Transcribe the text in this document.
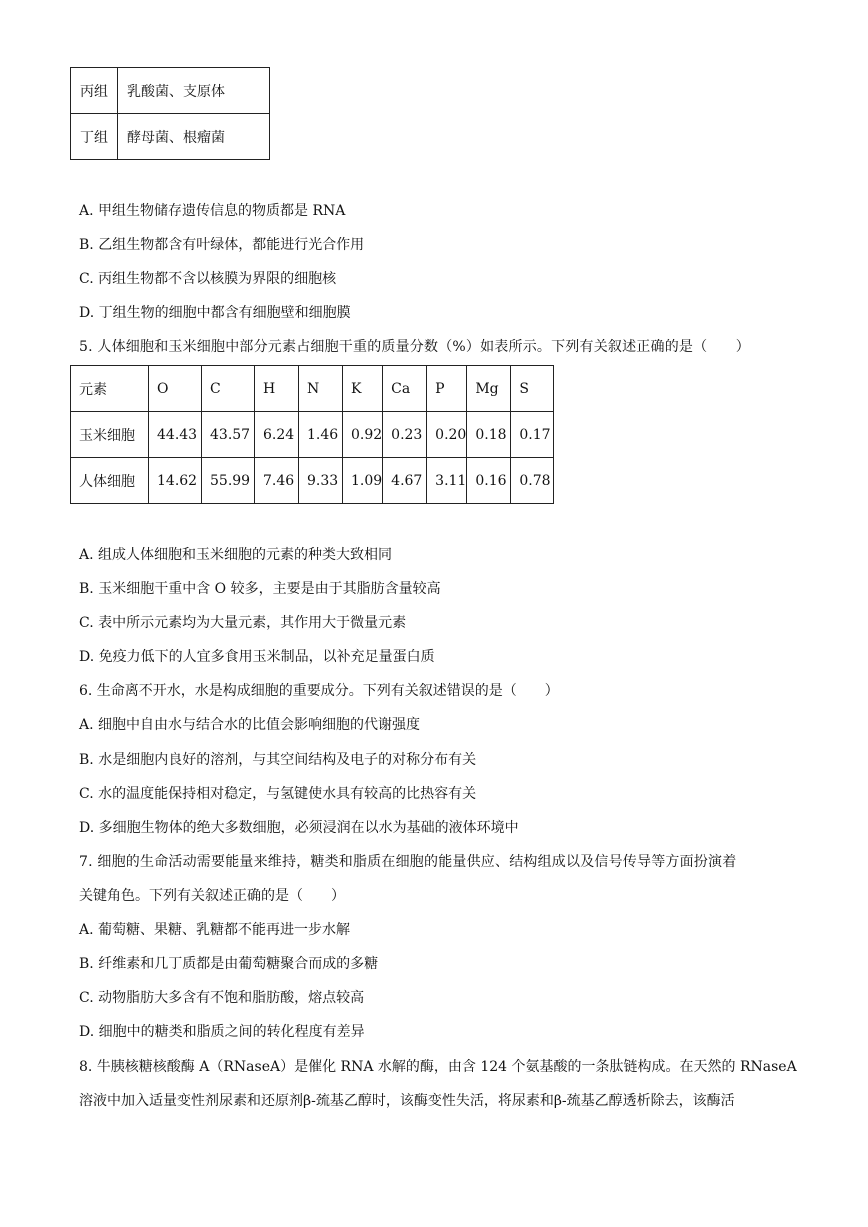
丙组	乳酸菌、支原体
丁组	酵母菌、根瘤菌
A. 甲组生物储存遗传信息的物质都是 RNA
B. 乙组生物都含有叶绿体，都能进行光合作用
C. 丙组生物都不含以核膜为界限的细胞核
D. 丁组生物的细胞中都含有细胞壁和细胞膜
5. 人体细胞和玉米细胞中部分元素占细胞干重的质量分数（%）如表所示。下列有关叙述正确的是（　　）
元素	O	C	H	N	K	Ca	P	Mg	S
玉米细胞	44.43	43.57	6.24	1.46	0.92	0.23	0.20	0.18	0.17
人体细胞	14.62	55.99	7.46	9.33	1.09	4.67	3.11	0.16	0.78
A. 组成人体细胞和玉米细胞的元素的种类大致相同
B. 玉米细胞干重中含 O 较多，主要是由于其脂肪含量较高
C. 表中所示元素均为大量元素，其作用大于微量元素
D. 免疫力低下的人宜多食用玉米制品，以补充足量蛋白质
6. 生命离不开水，水是构成细胞的重要成分。下列有关叙述错误的是（　　）
A. 细胞中自由水与结合水的比值会影响细胞的代谢强度
B. 水是细胞内良好的溶剂，与其空间结构及电子的对称分布有关
C. 水的温度能保持相对稳定，与氢键使水具有较高的比热容有关
D. 多细胞生物体的绝大多数细胞，必须浸润在以水为基础的液体环境中
7. 细胞的生命活动需要能量来维持，糖类和脂质在细胞的能量供应、结构组成以及信号传导等方面扮演着
关键角色。下列有关叙述正确的是（　　）
A. 葡萄糖、果糖、乳糖都不能再进一步水解
B. 纤维素和几丁质都是由葡萄糖聚合而成的多糖
C. 动物脂肪大多含有不饱和脂肪酸，熔点较高
D. 细胞中的糖类和脂质之间的转化程度有差异
8. 牛胰核糖核酸酶 A（RNaseA）是催化 RNA 水解的酶，由含 124 个氨基酸的一条肽链构成。在天然的 RNaseA
溶液中加入适量变性剂尿素和还原剂β-巯基乙醇时，该酶变性失活，将尿素和β-巯基乙醇透析除去，该酶活
